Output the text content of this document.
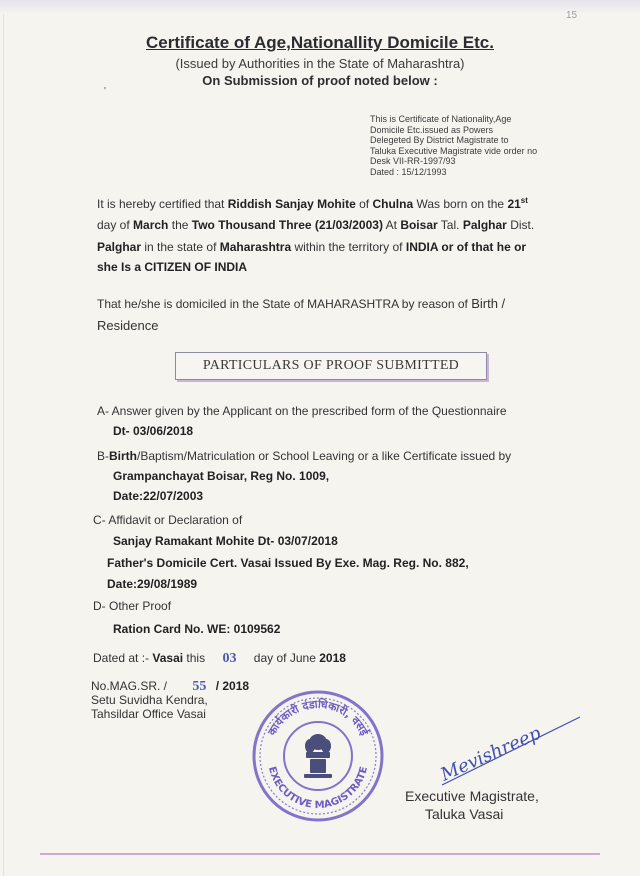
15
Certificate of Age,Nationallity Domicile Etc.
(Issued by Authorities in the State of Maharashtra)
On Submission of proof noted below :
'
This is Certificate of Nationality,Age
Domicile Etc.issued as Powers
Delegeted By District Magistrate to
Taluka Executive Magistrate vide order no
Desk VII-RR-1997/93
Dated : 15/12/1993
It is hereby certified that Riddish Sanjay Mohite of Chulna Was born on the 21st
day of March the Two Thousand Three (21/03/2003) At Boisar Tal. Palghar Dist.
Palghar in the state of Maharashtra within the territory of INDIA or of that he or
she Is a CITIZEN OF INDIA
That he/she is domiciled in the State of MAHARASHTRA by reason of Birth /
Residence
PARTICULARS OF PROOF SUBMITTED
A- Answer given by the Applicant on the prescribed form of the Questionnaire
Dt- 03/06/2018
B-Birth/Baptism/Matriculation or School Leaving or a like Certificate issued by
Grampanchayat Boisar, Reg No. 1009,
Date:22/07/2003
C- Affidavit or Declaration of
Sanjay Ramakant Mohite Dt- 03/07/2018
Father's Domicile Cert. Vasai Issued By Exe. Mag. Reg. No. 882,
Date:29/08/1989
D- Other Proof
Ration Card No. WE: 0109562
Dated at :- Vasai this 03 day of June 2018
No.MAG.SR. / 55 / 2018
Setu Suvidha Kendra,
Tahsildar Office Vasai
कार्यकारी दंडाधिकारी, वसई
EXECUTIVE MAGISTRATE	Mevishreep
Executive Magistrate,
Taluka Vasai
